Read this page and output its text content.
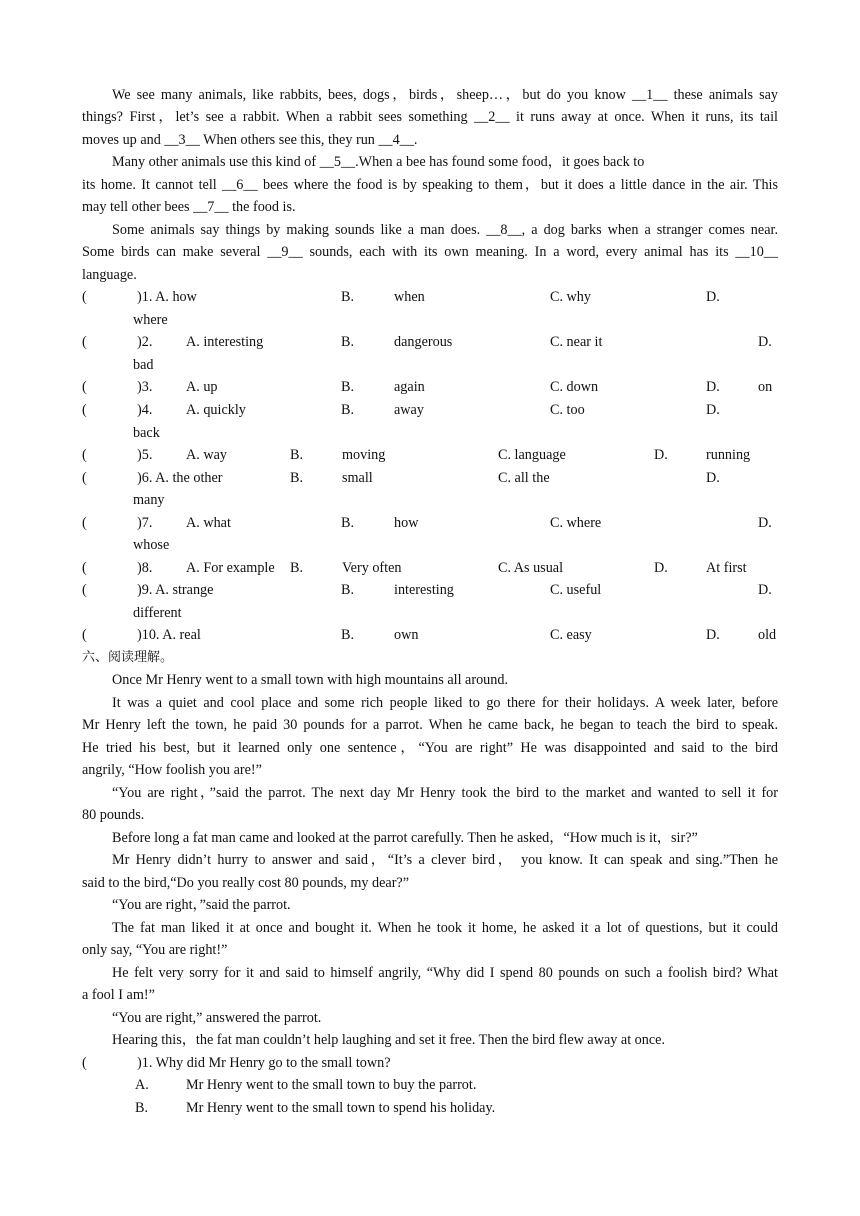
We see many animals, like rabbits, bees, dogs，birds，sheep…，but do you know __1__ these animals say
things? First，let’s see a rabbit. When a rabbit sees something __2__ it runs away at once. When it runs, its tail
moves up and __3__ When others see this, they run __4__.
Many other animals use this kind of __5__.When a bee has found some food，it goes back to
its home. It cannot tell __6__ bees where the food is by speaking to them，but it does a little dance in the air. This
may tell other bees __7__ the food is.
Some animals say things by making sounds like a man does. __8__, a dog barks when a stranger comes near.
Some birds can make several __9__ sounds, each with its own meaning. In a word, every animal has its __10__
language.
(	)1. A. how	B.	when	C. why	D.
where
(	)2. A. interesting	B.	dangerous	C. near it	D.
bad
(	)3. A. up	B.	again	C. down	D.	on
(	)4. A. quickly	B.	away	C. too	D.
back
(	)5. A. way	B.	moving	C. language	D.	running
(	)6. A. the other	B.	small	C. all the	D.
many
(	)7. A. what	B.	how	C. where	D.
whose
(	)8. A. For example B.	Very often	C. As usual	D.	At first
(	)9. A. strange	B.	interesting	C. useful	D.
different
(	)10. A. real	B.	own	C. easy	D.	old
六、阅读理解。
Once Mr Henry went to a small town with high mountains all around.
It was a quiet and cool place and some rich people liked to go there for their holidays. A week later, before
Mr Henry left the town, he paid 30 pounds for a parrot. When he came back, he began to teach the bird to speak.
He tried his best, but it learned only one sentence，“You are right” He was disappointed and said to the bird
angrily, “How foolish you are!”
“You are right，”said the parrot. The next day Mr Henry took the bird to the market and wanted to sell it for
80 pounds.
Before long a fat man came and looked at the parrot carefully. Then he asked，“How much is it，sir?”
Mr Henry didn’t hurry to answer and said，“It’s a clever bird， you know. It can speak and sing.”Then he
said to the bird,“Do you really cost 80 pounds, my dear?”
“You are right，”said the parrot.
The fat man liked it at once and bought it. When he took it home, he asked it a lot of questions, but it could
only say, “You are right!”
He felt very sorry for it and said to himself angrily, “Why did I spend 80 pounds on such a foolish bird? What
a fool I am!”
“You are right,” answered the parrot.
Hearing this，the fat man couldn’t help laughing and set it free. Then the bird flew away at once.
(	)1. Why did Mr Henry go to the small town?
A.	Mr Henry went to the small town to buy the parrot.
B.	Mr Henry went to the small town to spend his holiday.
